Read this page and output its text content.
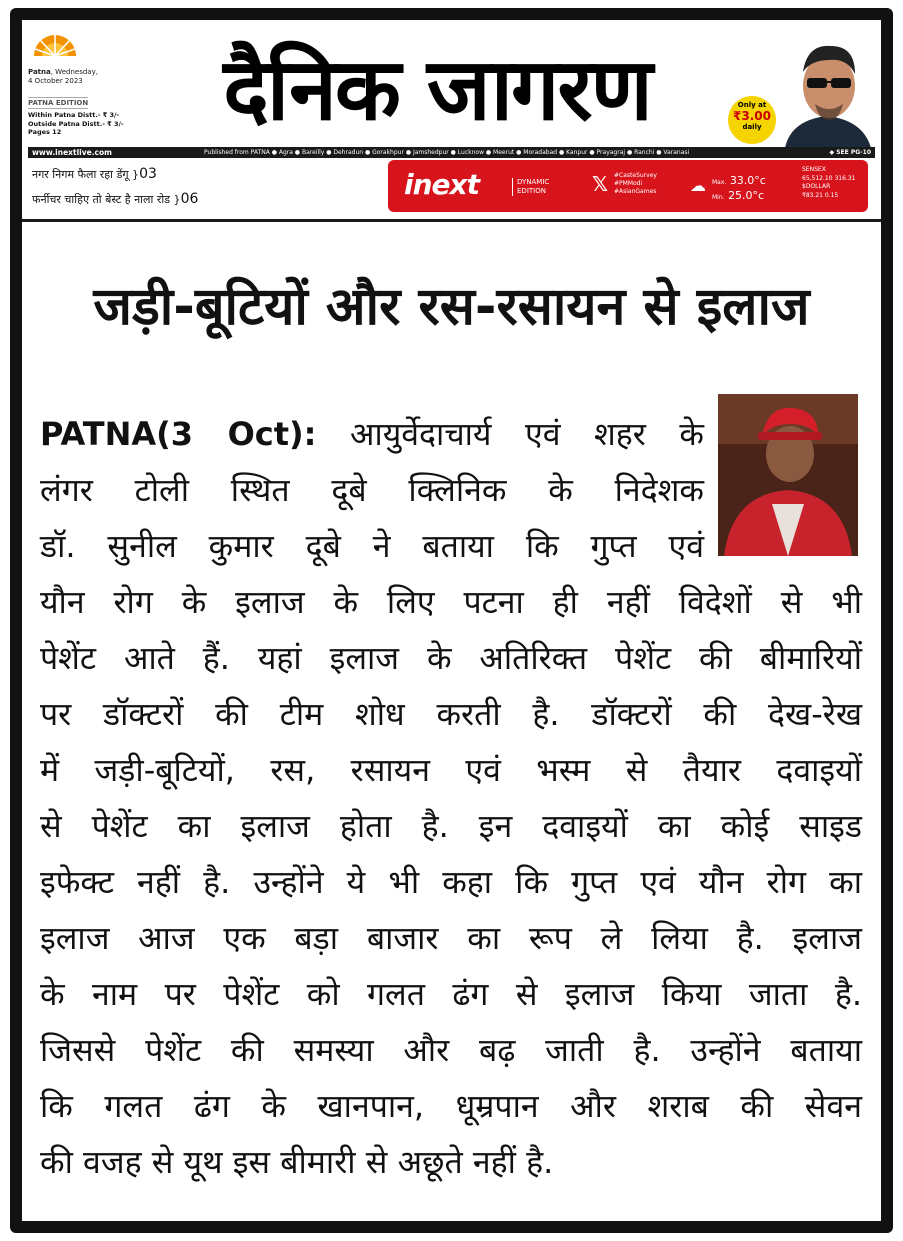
Patna, Wednesday,
4 October 2023
PATNA EDITION
Within Patna Distt.- ₹ 3/-
Outside Patna Distt.- ₹ 3/-
Pages 12	दैनिक जागरण	Only at
₹3.00
daily
www.inextlive.com	Published from PATNA ● Agra ● Bareilly ● Dehradun ● Gorakhpur ● Jamshedpur ● Lucknow ● Meerut ● Moradabad ● Kanpur ● Prayagraj ● Ranchi ● Varanasi	◆ SEE PG-10
नगर निगम फैला रहा डेंगू }03
फर्नीचर चाहिए तो बेस्ट है नाला रोड }06	inext	DYNAMIC
EDITION 𝕏 #CasteSurvey
#PMModi
#AsianGames ☁ Max. 33.0°c
Min. 25.0°c
SENSEX
65,512.10 316.31
$DOLLAR
₹83.21 0.15
जड़ी-बूटियों और रस-रसायन से इलाज
PATNA(3 Oct): आयुर्वेदाचार्य एवं शहर के
लंगर टोली स्थित दूबे क्लिनिक के निदेशक
डॉ. सुनील कुमार दूबे ने बताया कि गुप्त एवं
यौन रोग के इलाज के लिए पटना ही नहीं विदेशों से भी
पेशेंट आते हैं. यहां इलाज के अतिरिक्त पेशेंट की बीमारियों
पर डॉक्टरों की टीम शोध करती है. डॉक्टरों की देख-रेख
में जड़ी-बूटियों, रस, रसायन एवं भस्म से तैयार दवाइयों
से पेशेंट का इलाज होता है. इन दवाइयों का कोई साइड
इफेक्ट नहीं है. उन्होंने ये भी कहा कि गुप्त एवं यौन रोग का
इलाज आज एक बड़ा बाजार का रूप ले लिया है. इलाज
के नाम पर पेशेंट को गलत ढंग से इलाज किया जाता है.
जिससे पेशेंट की समस्या और बढ़ जाती है. उन्होंने बताया
कि गलत ढंग के खानपान, धूम्रपान और शराब की सेवन
की वजह से यूथ इस बीमारी से अछूते नहीं है.
